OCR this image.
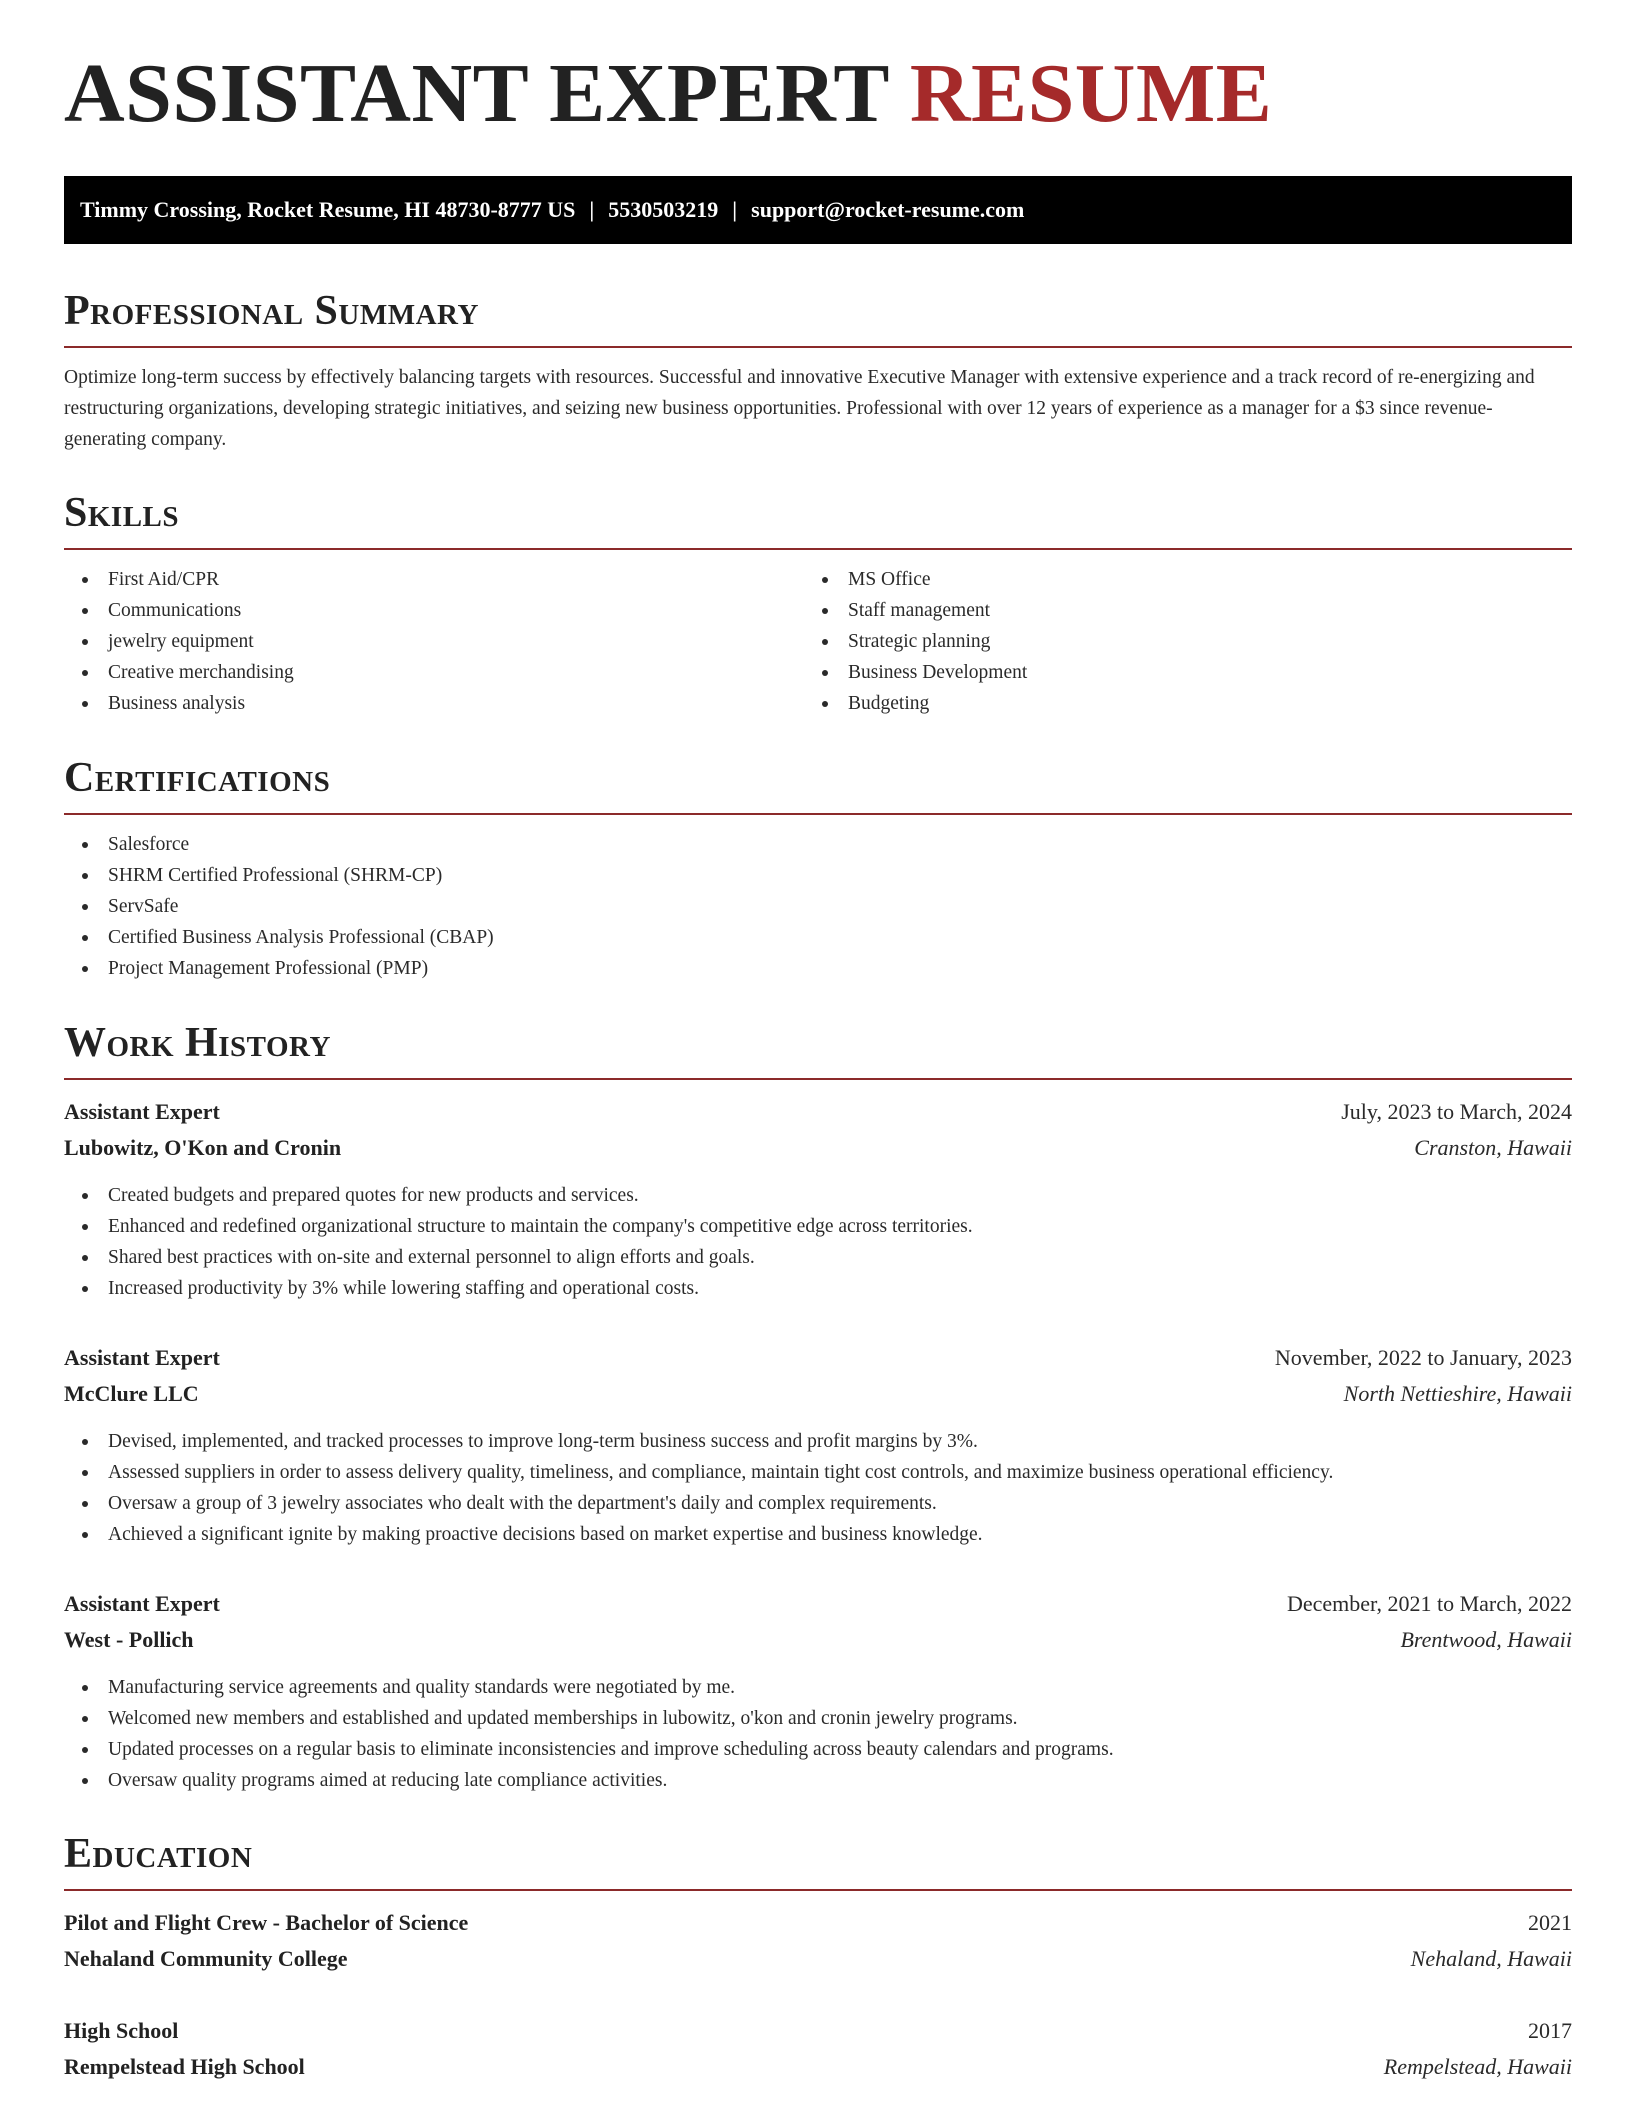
ASSISTANT EXPERT RESUME
Timmy Crossing, Rocket Resume, HI 48730-8777 US | 5530503219 | support@rocket-resume.com
Professional Summary
Optimize long-term success by effectively balancing targets with resources. Successful and innovative Executive Manager with extensive experience and a track record of re-energizing and restructuring organizations, developing strategic initiatives, and seizing new business opportunities. Professional with over 12 years of experience as a manager for a $3 since revenue-generating company.
Skills
First Aid/CPR
Communications
jewelry equipment
Creative merchandising
Business analysis
MS Office
Staff management
Strategic planning
Business Development
Budgeting
Certifications
Salesforce
SHRM Certified Professional (SHRM-CP)
ServSafe
Certified Business Analysis Professional (CBAP)
Project Management Professional (PMP)
Work History
Assistant Expert	July, 2023 to March, 2024
Lubowitz, O'Kon and Cronin	Cranston, Hawaii
Created budgets and prepared quotes for new products and services.
Enhanced and redefined organizational structure to maintain the company's competitive edge across territories.
Shared best practices with on-site and external personnel to align efforts and goals.
Increased productivity by 3% while lowering staffing and operational costs.
Assistant Expert	November, 2022 to January, 2023
McClure LLC	North Nettieshire, Hawaii
Devised, implemented, and tracked processes to improve long-term business success and profit margins by 3%.
Assessed suppliers in order to assess delivery quality, timeliness, and compliance, maintain tight cost controls, and maximize business operational efficiency.
Oversaw a group of 3 jewelry associates who dealt with the department's daily and complex requirements.
Achieved a significant ignite by making proactive decisions based on market expertise and business knowledge.
Assistant Expert	December, 2021 to March, 2022
West - Pollich	Brentwood, Hawaii
Manufacturing service agreements and quality standards were negotiated by me.
Welcomed new members and established and updated memberships in lubowitz, o'kon and cronin jewelry programs.
Updated processes on a regular basis to eliminate inconsistencies and improve scheduling across beauty calendars and programs.
Oversaw quality programs aimed at reducing late compliance activities.
Education
Pilot and Flight Crew - Bachelor of Science	2021
Nehaland Community College	Nehaland, Hawaii
High School	2017
Rempelstead High School	Rempelstead, Hawaii
